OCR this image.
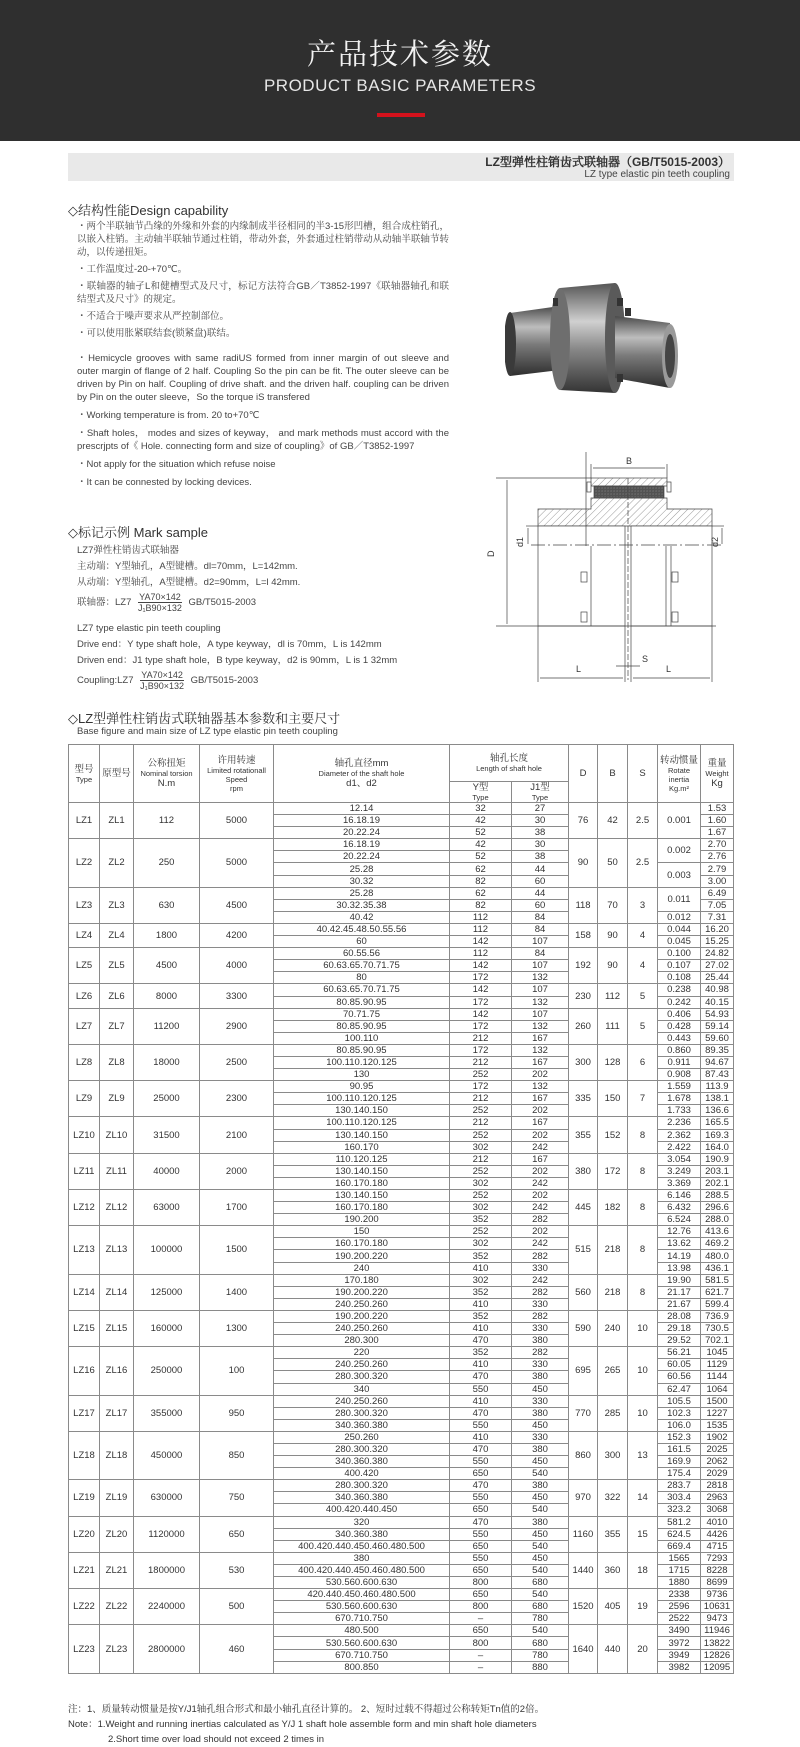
产品技术参数
PRODUCT BASIC PARAMETERS
LZ型弹性柱销齿式联轴器（GB/T5015-2003）
LZ type elastic pin teeth coupling
◇结构性能Design capability

・两个半联轴节凸缘的外缘和外套的内缘制成半径相同的半3-15形凹槽，组合成柱销孔，以嵌入柱销。主动轴半联轴节通过柱销，带动外套，外套通过柱销带动从动轴半联轴节转动，以传递扭矩。

・工作温度过-20-+70℃。

・联轴器的轴孑L和健槽型式及尺寸，标记方法符合GB／T3852-1997《联轴器轴孔和联结型式及尺寸》的规定。

・不适合于噪声要求从严控制部位。

・可以使用胀紧联结套(锁紧盘)联结。

・Hemicycle grooves with same radiUS formed from inner margin of out sleeve and outer margin of flange of 2 half. Coupling So the pin can be fit. The outer sleeve can be driven by Pin on half. Coupling of drive shaft. and the driven half. coupling can be driven by Pin on the outer sleeve，So the torque iS transfered

・Working temperature is from. 20 to+70℃

・Shaft holes， modes and sizes of keyway， and mark methods must accord with the prescrjpts of《 Hole. connecting form and size of coupling》of GB／T3852-1997

・Not apply for the situation which refuse noise

・It can be connested by locking devices.

◇标记示例 Mark sample
LZ7弹性柱销齿式联轴器
主动端：Y型轴孔，A型键槽。dl=70mm，L=142mm.
从动端：Y型轴孔，A型键槽。d2=90mm，L=l 42mm.
联轴器：$LZ7 \frac{YA70\times 142}{\text{J₁B90×132}} GB/T5015-2003$
LZ7 type elastic pin teeth coupling
Drive end：Y type shaft hole，A type keyway，dl is 70mm，L is 142mm
Driven end：J1 type shaft hole，B type keyway，d2 is 90mm，L is 1 32mm
Coupling:LZ7 $\frac{YA70\times 142}{\text{J₁B90×132}} GB/T5015-2003$
B
D
d1	d2
L	L
S
◇LZ型弹性柱销齿式联轴器基本参数和主要尺寸
Base figure and main size of LZ type elastic pin teeth coupling
型号
Type	原型号	公称扭矩
Nominal torsion
N.m	许用转速
Limited rotationall Speed
rpm	轴孔直径mm
Diameter of the shaft hole
d1、d2	轴孔长度
Length of shaft hole		D	B	S	转动惯量
Rotate inertia
Kg.m²	重量
Weight
Kg
					Y型
Type	J1型
Type					

LZ1	ZL1	112	5000	12.14	32	27	76	42	2.5	0.001	1.53
				16.18.19	42	30					1.60
				20.22.24	52	38					1.67
LZ2	ZL2	250	5000	16.18.19	42	30	90	50	2.5	0.002	2.70
				20.22.24	52	38					2.76
				25.28	62	44				0.003	2.79
				30.32	82	60					3.00
LZ3	ZL3	630	4500	25.28	62	44	118	70	3	0.011	6.49
				30.32.35.38	82	60					7.05
				40.42	112	84				0.012	7.31
LZ4	ZL4	1800	4200	40.42.45.48.50.55.56	112	84	158	90	4	0.044	16.20
				60	142	107				0.045	15.25
LZ5	ZL5	4500	4000	60.55.56	112	84	192	90	4	0.100	24.82
				60.63.65.70.71.75	142	107				0.107	27.02
				80	172	132				0.108	25.44
LZ6	ZL6	8000	3300	60.63.65.70.71.75	142	107	230	112	5	0.238	40.98
				80.85.90.95	172	132				0.242	40.15
LZ7	ZL7	11200	2900	70.71.75	142	107	260	111	5	0.406	54.93
				80.85.90.95	172	132				0.428	59.14
				100.110	212	167				0.443	59.60
LZ8	ZL8	18000	2500	80.85.90.95	172	132	300	128	6	0.860	89.35
				100.110.120.125	212	167				0.911	94.67
				130	252	202				0.908	87.43
LZ9	ZL9	25000	2300	90.95	172	132	335	150	7	1.559	113.9
				100.110.120.125	212	167				1.678	138.1
				130.140.150	252	202				1.733	136.6
LZ10	ZL10	31500	2100	100.110.120.125	212	167	355	152	8	2.236	165.5
				130.140.150	252	202				2.362	169.3
				160.170	302	242				2.422	164.0
LZ11	ZL11	40000	2000	110.120.125	212	167	380	172	8	3.054	190.9
				130.140.150	252	202				3.249	203.1
				160.170.180	302	242				3.369	202.1
LZ12	ZL12	63000	1700	130.140.150	252	202	445	182	8	6.146	288.5
				160.170.180	302	242				6.432	296.6
				190.200	352	282				6.524	288.0
LZ13	ZL13	100000	1500	150	252	202	515	218	8	12.76	413.6
				160.170.180	302	242				13.62	469.2
				190.200.220	352	282				14.19	480.0
				240	410	330				13.98	436.1
LZ14	ZL14	125000	1400	170.180	302	242	560	218	8	19.90	581.5
				190.200.220	352	282				21.17	621.7
				240.250.260	410	330				21.67	599.4
LZ15	ZL15	160000	1300	190.200.220	352	282	590	240	10	28.08	736.9
				240.250.260	410	330				29.18	730.5
				280.300	470	380				29.52	702.1
LZ16	ZL16	250000	100	220	352	282	695	265	10	56.21	1045
				240.250.260	410	330				60.05	1129
				280.300.320	470	380				60.56	1144
				340	550	450				62.47	1064
LZ17	ZL17	355000	950	240.250.260	410	330	770	285	10	105.5	1500
				280.300.320	470	380				102.3	1227
				340.360.380	550	450				106.0	1535
LZ18	ZL18	450000	850	250.260	410	330	860	300	13	152.3	1902
				280.300.320	470	380				161.5	2025
				340.360.380	550	450				169.9	2062
				400.420	650	540				175.4	2029
LZ19	ZL19	630000	750	280.300.320	470	380	970	322	14	283.7	2818
				340.360.380	550	450				303.4	2963
				400.420.440.450	650	540				323.2	3068
LZ20	ZL20	1120000	650	320	470	380	1160	355	15	581.2	4010
				340.360.380	550	450				624.5	4426
				400.420.440.450.460.480.500	650	540				669.4	4715
LZ21	ZL21	1800000	530	380	550	450	1440	360	18	1565	7293
				400.420.440.450.460.480.500	650	540				1715	8228
				530.560.600.630	800	680				1880	8699
LZ22	ZL22	2240000	500	420.440.450.460.480.500	650	540	1520	405	19	2338	9736
				530.560.600.630	800	680				2596	10631
				670.710.750	–	780				2522	9473
LZ23	ZL23	2800000	460	480.500	650	540	1640	440	20	3490	11946
				530.560.600.630	800	680				3972	13822
				670.710.750	–	780				3949	12826
				800.850	–	880				3982	12095
注：1、质量转动惯量是按Y/J1轴孔组合形式和最小轴孔直径计算的。 2、短时过载不得超过公称转矩Tn值的2倍。
Note：1.Weight and running inertias calculated as Y/J 1 shaft hole assemble form and min shaft hole diameters
2.Short time over load should not exceed 2 times in
